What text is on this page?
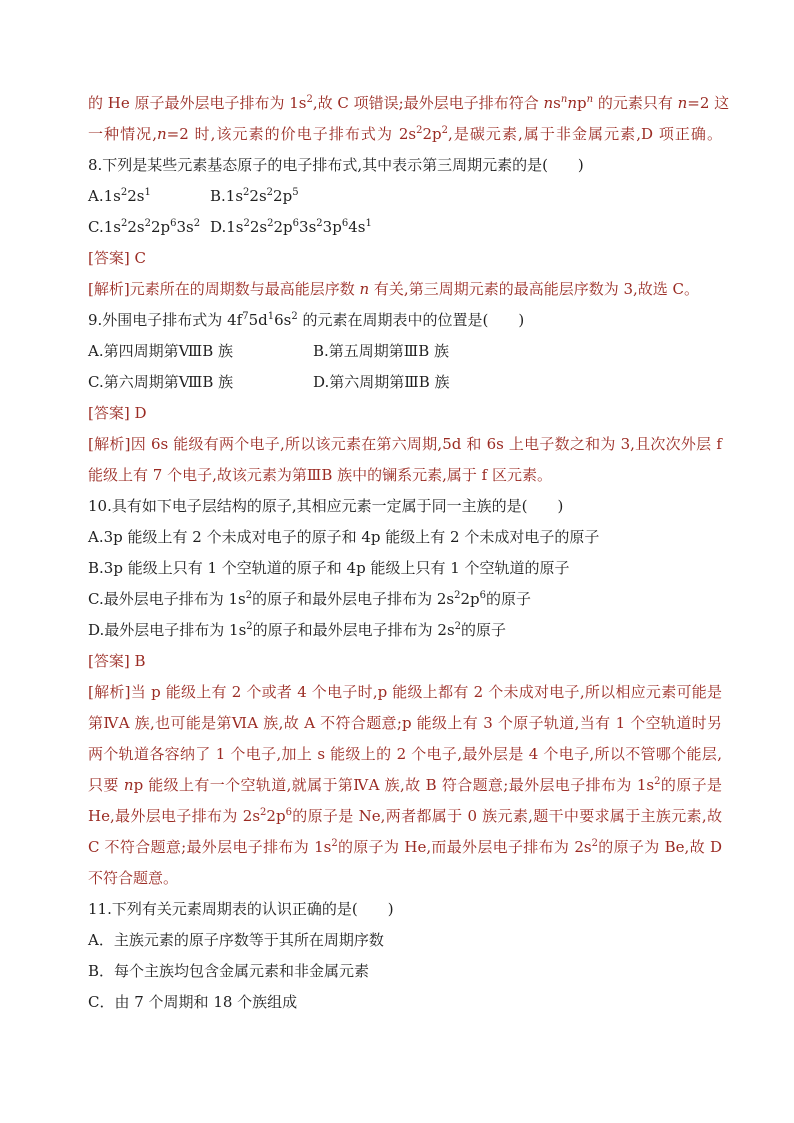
的 He 原子最外层电子排布为 $1s^2$,故 C 项错误;最外层电子排布符合 $ns^nnp^n$ 的元素只有 n=2 这
一种情况,n=2 时,该元素的价电子排布式为 $2s^22p^2$,是碳元素,属于非金属元素,D 项正确。
8.下列是某些元素基态原子的电子排布式,其中表示第三周期元素的是(　　)
$A.1s^22s^1$	$B.1s^22s^22p^5$
$C.1s^22s^22p^63s^2$ $D.1s^22s^22p^63s^23p^64s^1$
[答案] C
[解析]元素所在的周期数与最高能层序数 n 有关,第三周期元素的最高能层序数为 3,故选 C。
9.外围电子排布式为 $4f^75d^16s^2$ 的元素在周期表中的位置是(　　)
A.第四周期第ⅧB 族	B.第五周期第ⅢB 族
C.第六周期第ⅧB 族	D.第六周期第ⅢB 族
[答案] D
[解析]因 6s 能级有两个电子,所以该元素在第六周期,5d 和 6s 上电子数之和为 3,且次次外层 f
能级上有 7 个电子,故该元素为第ⅢB 族中的镧系元素,属于 f 区元素。
10.具有如下电子层结构的原子,其相应元素一定属于同一主族的是(　　)
A.3p 能级上有 2 个未成对电子的原子和 4p 能级上有 2 个未成对电子的原子
B.3p 能级上只有 1 个空轨道的原子和 4p 能级上只有 1 个空轨道的原子
C.最外层电子排布为 $1s^2$的原子和最外层电子排布为 $2s^22p^6$的原子
D.最外层电子排布为 $1s^2$的原子和最外层电子排布为 $2s^2$的原子
[答案] B
[解析]当 p 能级上有 2 个或者 4 个电子时,p 能级上都有 2 个未成对电子,所以相应元素可能是
第ⅣA 族,也可能是第ⅥA 族,故 A 不符合题意;p 能级上有 3 个原子轨道,当有 1 个空轨道时另
两个轨道各容纳了 1 个电子,加上 s 能级上的 2 个电子,最外层是 4 个电子,所以不管哪个能层,
只要 np 能级上有一个空轨道,就属于第ⅣA 族,故 B 符合题意;最外层电子排布为 $1s^2$的原子是
He,最外层电子排布为 $2s^22p^6$的原子是 Ne,两者都属于 0 族元素,题干中要求属于主族元素,故
C 不符合题意;最外层电子排布为 $1s^2$的原子为 He,而最外层电子排布为 $2s^2$的原子为 Be,故 D
不符合题意。
11.下列有关元素周期表的认识正确的是(　　)
A．主族元素的原子序数等于其所在周期序数
B．每个主族均包含金属元素和非金属元素
C．由 7 个周期和 18 个族组成
